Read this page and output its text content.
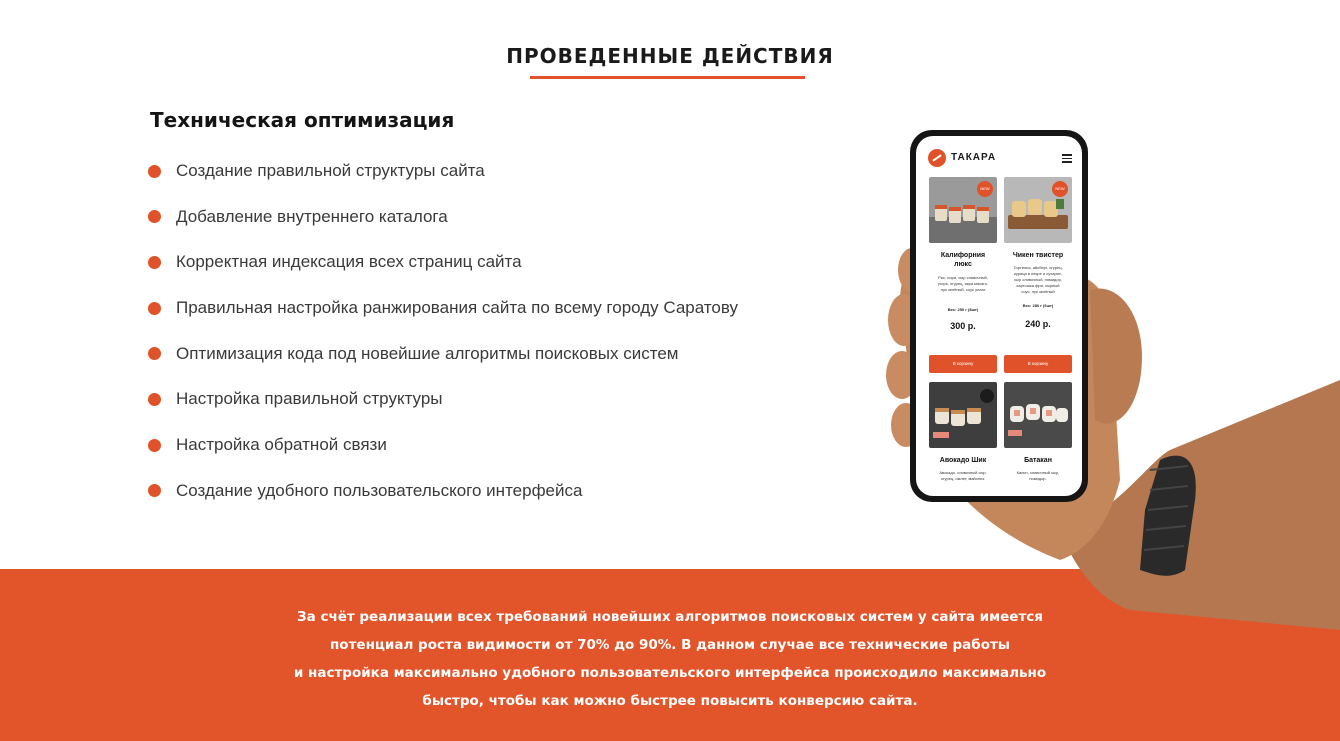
ПРОВЕДЕННЫЕ ДЕЙСТВИЯ
Техническая оптимизация
Создание правильной структуры сайта
Добавление внутреннего каталога
Корректная индексация всех страниц сайта
Правильная настройка ранжирования сайта по всему городу Саратову
Оптимизация кода под новейшие алгоритмы поисковых систем
Настройка правильной структуры
Настройка обратной связи
Создание удобного пользовательского интерфейса

За счёт реализации всех требований новейших алгоритмов поисковых систем у сайта имеется
потенциал роста видимости от 70% до 90%. В данном случае все технические работы
и настройка максимально удобного пользовательского интерфейса происходило максимально
быстро, чтобы как можно быстрее повысить конверсию сайта.

ТАКАРА
NEW
Калифорния
люкс
Рис, нори, сыр сливочный,
угорь, огурец, икра масаго,
лук зелёный, соус унаги
Вес: 250 г (8шт)
300 р.
В корзину
NEW
Чикен твистер
Тортилья, айсберг, огурец,
курица в кляре и сухарях,
сыр сливочный, помидор,
картошка фри, сырный
соус, лук зелёный
Вес: 280 г (6шт)
240 р.
В корзину
Авокадо Шик
Авокадо, сливочный сыр,
огурец, омлет, майонез.
Батакан
Кансн, сливочный сыр,
помидор.
